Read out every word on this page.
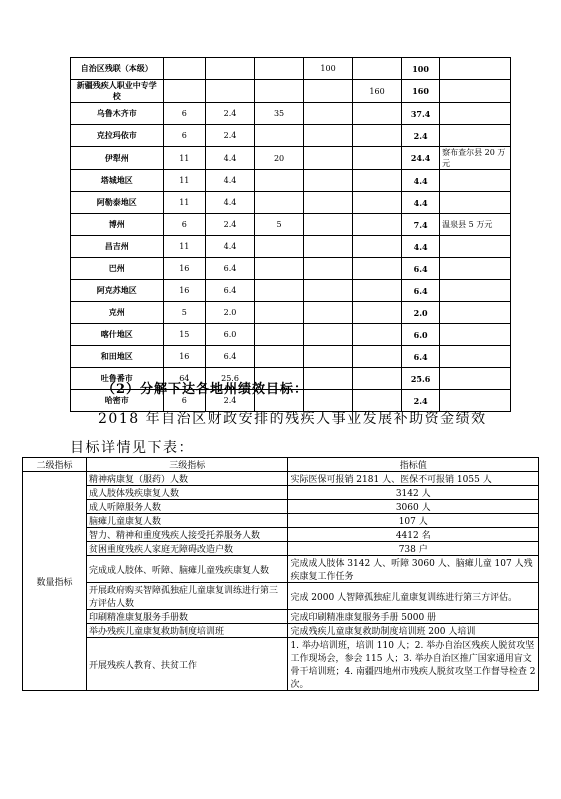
自治区残联（本级）				100		100	
新疆残疾人职业中专学校					160	160	
乌鲁木齐市	6	2.4	35			37.4	
克拉玛依市	6	2.4				2.4	
伊犁州	11	4.4	20			24.4	察布查尔县 20 万元
塔城地区	11	4.4				4.4	
阿勒泰地区	11	4.4				4.4	
博州	6	2.4	5			7.4	温泉县 5 万元
昌吉州	11	4.4				4.4	
巴州	16	6.4				6.4	
阿克苏地区	16	6.4				6.4	
克州	5	2.0				2.0	
喀什地区	15	6.0				6.0	
和田地区	16	6.4				6.4	
吐鲁番市	64	25.6				25.6	
哈密市	6	2.4				2.4	
（2）分解下达各地州绩效目标：
2018 年自治区财政安排的残疾人事业发展补助资金绩效
目标详情见下表：
二级指标	三级指标	指标值
数量指标	精神病康复（服药）人数	实际医保可报销 2181 人、医保不可报销 1055 人
	成人肢体残疾康复人数	3142 人
	成人听障服务人数	3060 人
	脑瘫儿童康复人数	107 人
	智力、精神和重度残疾人接受托养服务人数	4412 名
	贫困重度残疾人家庭无障碍改造户数	738 户
	完成成人肢体、听障、脑瘫儿童残疾康复人数	完成成人肢体 3142 人、听障 3060 人、脑瘫儿童 107 人残疾康复工作任务
	开展政府购买智障孤独症儿童康复训练进行第三方评估人数	完成 2000 人智障孤独症儿童康复训练进行第三方评估。
	印刷精准康复服务手册数	完成印刷精准康复服务手册 5000 册
	举办残疾儿童康复救助制度培训班	完成残疾儿童康复救助制度培训班 200 人培训
	开展残疾人教育、扶贫工作	1. 举办培训班，培训 110 人；2. 举办自治区残疾人脱贫攻坚工作现场会，参会 115 人；3. 举办自治区推广国家通用盲文骨干培训班；4. 南疆四地州市残疾人脱贫攻坚工作督导检查 2 次。
